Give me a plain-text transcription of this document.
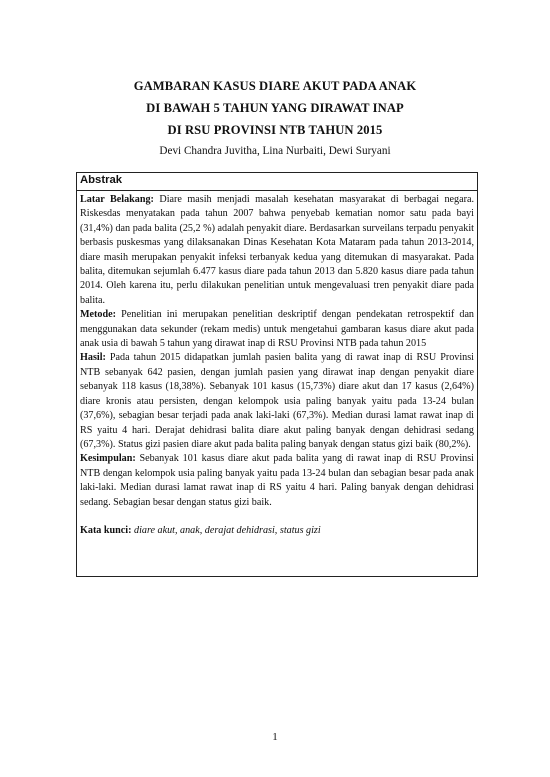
GAMBARAN KASUS DIARE AKUT PADA ANAK
DI BAWAH 5 TAHUN YANG DIRAWAT INAP
DI RSU PROVINSI NTB TAHUN 2015
Devi Chandra Juvitha, Lina Nurbaiti, Dewi Suryani
Abstrak

Latar Belakang: Diare masih menjadi masalah kesehatan masyarakat di berbagai negara. Riskesdas menyatakan pada tahun 2007 bahwa penyebab kematian nomor satu pada bayi (31,4%) dan pada balita (25,2 %) adalah penyakit diare. Berdasarkan surveilans terpadu penyakit berbasis puskesmas yang dilaksanakan Dinas Kesehatan Kota Mataram pada tahun 2013-2014, diare masih merupakan penyakit infeksi terbanyak kedua yang ditemukan di masyarakat. Pada balita, ditemukan sejumlah 6.477 kasus diare pada tahun 2013 dan 5.820 kasus diare pada tahun 2014. Oleh karena itu, perlu dilakukan penelitian untuk mengevaluasi tren penyakit diare pada balita.

Metode: Penelitian ini merupakan penelitian deskriptif dengan pendekatan retrospektif dan menggunakan data sekunder (rekam medis) untuk mengetahui gambaran kasus diare akut pada anak usia di bawah 5 tahun yang dirawat inap di RSU Provinsi NTB pada tahun 2015

Hasil: Pada tahun 2015 didapatkan jumlah pasien balita yang di rawat inap di RSU Provinsi NTB sebanyak 642 pasien, dengan jumlah pasien yang dirawat inap dengan penyakit diare sebanyak 118 kasus (18,38%). Sebanyak 101 kasus (15,73%) diare akut dan 17 kasus (2,64%) diare kronis atau persisten, dengan kelompok usia paling banyak yaitu pada 13-24 bulan (37,6%), sebagian besar terjadi pada anak laki-laki (67,3%). Median durasi lamat rawat inap di RS yaitu 4 hari. Derajat dehidrasi balita diare akut paling banyak dengan dehidrasi sedang (67,3%). Status gizi pasien diare akut pada balita paling banyak dengan status gizi baik (80,2%).

Kesimpulan: Sebanyak 101 kasus diare akut pada balita yang di rawat inap di RSU Provinsi NTB dengan kelompok usia paling banyak yaitu pada 13-24 bulan dan sebagian besar pada anak laki-laki. Median durasi lamat rawat inap di RS yaitu 4 hari. Paling banyak dengan dehidrasi sedang. Sebagian besar dengan status gizi baik.

Kata kunci: diare akut, anak, derajat dehidrasi, status gizi

1
